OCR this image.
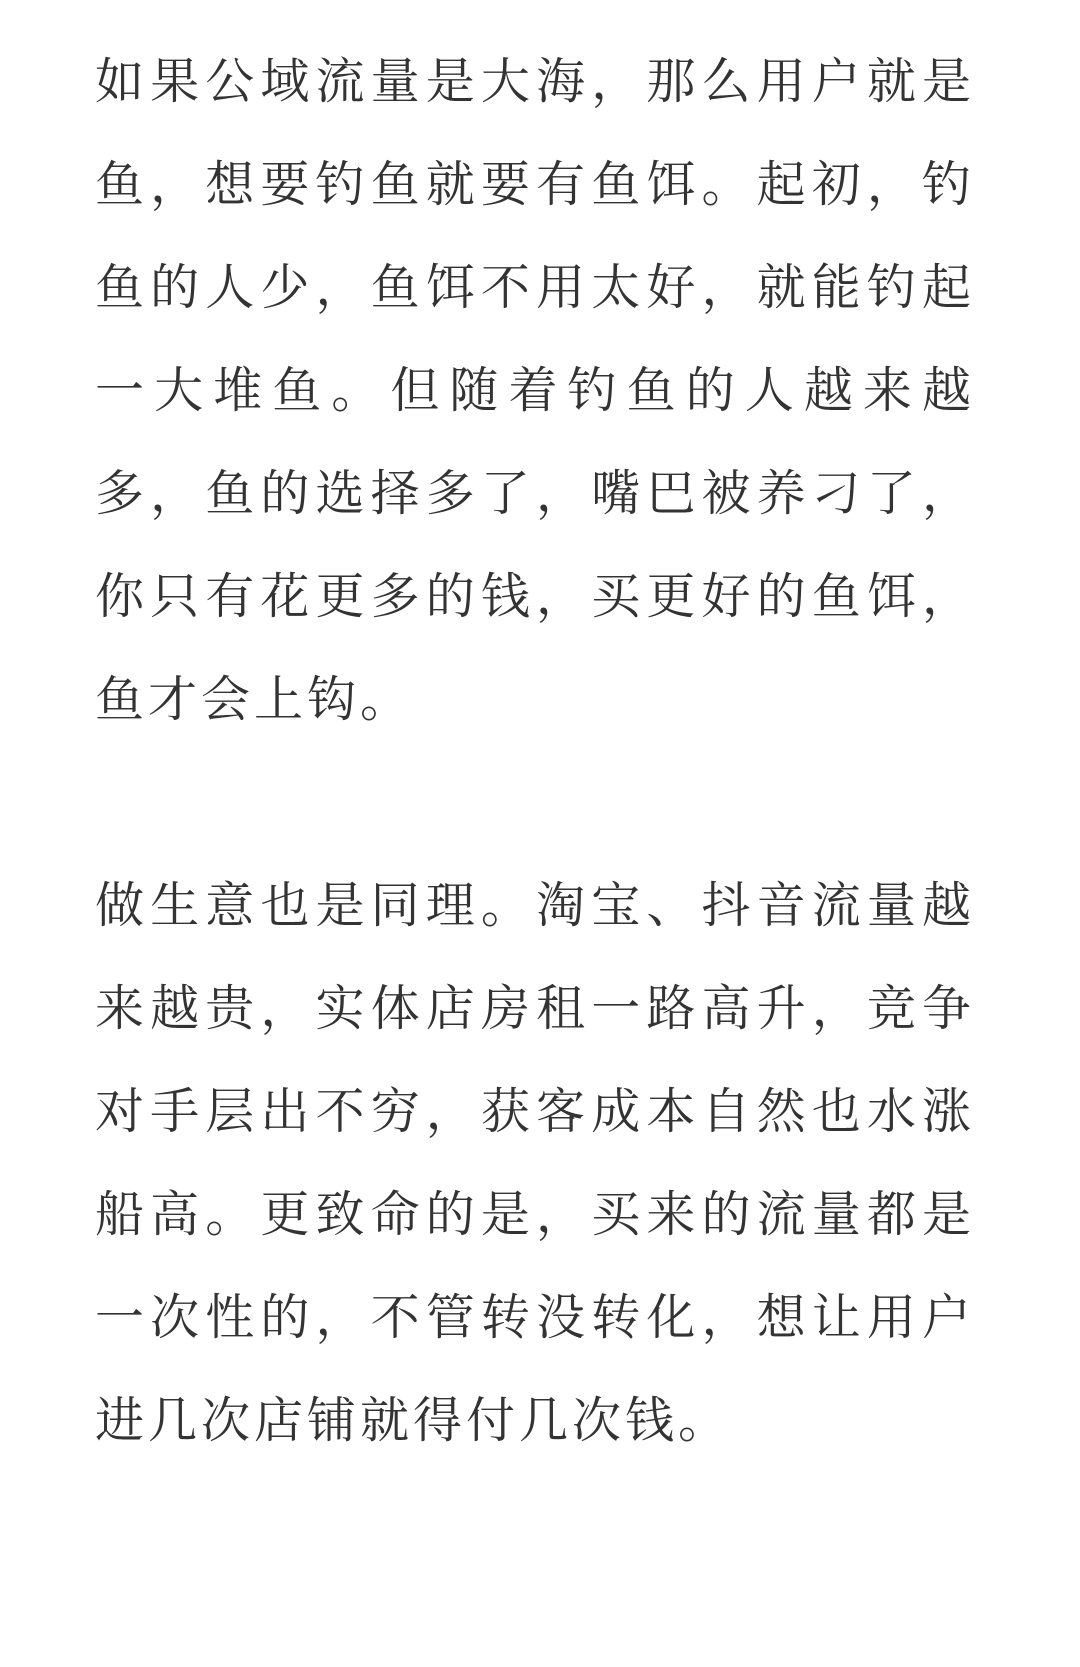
如果公域流量是大海，那么用户就是鱼，想要钓鱼就要有鱼饵。起初，钓鱼的人少，鱼饵不用太好，就能钓起一大堆鱼。但随着钓鱼的人越来越多，鱼的选择多了，嘴巴被养刁了，你只有花更多的钱，买更好的鱼饵，鱼才会上钩。

做生意也是同理。淘宝、抖音流量越来越贵，实体店房租一路高升，竞争对手层出不穷，获客成本自然也水涨船高。更致命的是，买来的流量都是一次性的，不管转没转化，想让用户进几次店铺就得付几次钱。
